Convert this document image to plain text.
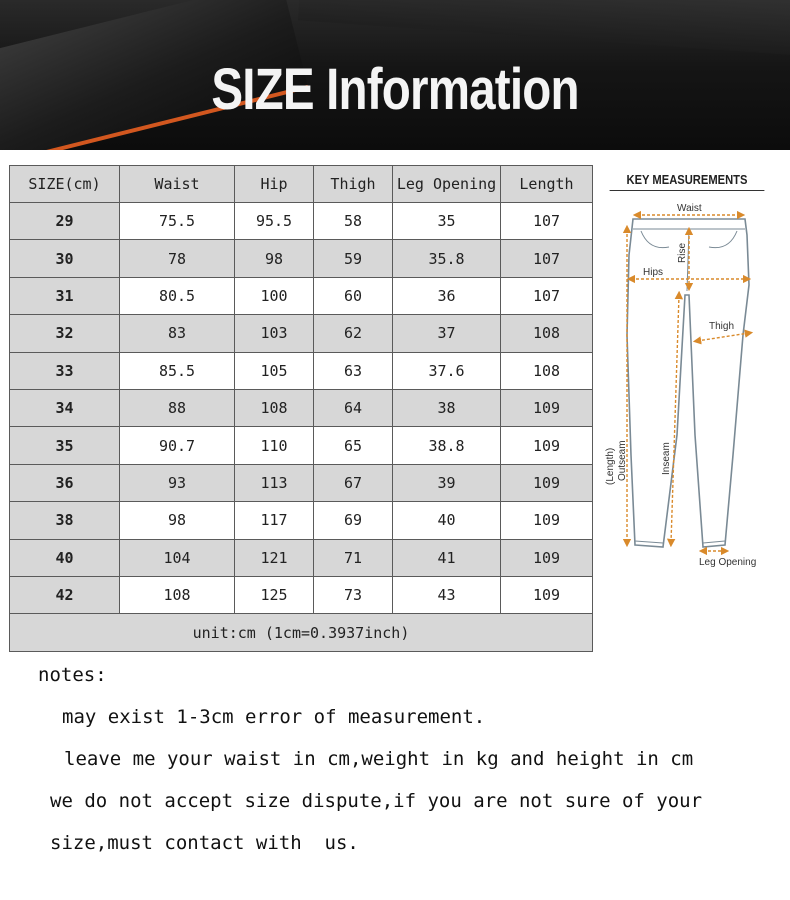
SIZE Information
SIZE(cm)	Waist	Hip	Thigh	Leg Opening	Length
29	75.5	95.5	58	35	107
30	78	98	59	35.8	107
31	80.5	100	60	36	107
32	83	103	62	37	108
33	85.5	105	63	37.6	108
34	88	108	64	38	109
35	90.7	110	65	38.8	109
36	93	113	67	39	109
38	98	117	69	40	109
40	104	121	71	41	109
42	108	125	73	43	109
unit:cm (1cm=0.3937inch)					
KEY MEASUREMENTS
Waist
Rise
Hips
Thigh
(Length) Outseam	Inseam
Leg Opening
notes:
may exist 1-3cm error of measurement.
leave me your waist in cm,weight in kg and height in cm
we do not accept size dispute,if you are not sure of your
size,must contact with  us.
